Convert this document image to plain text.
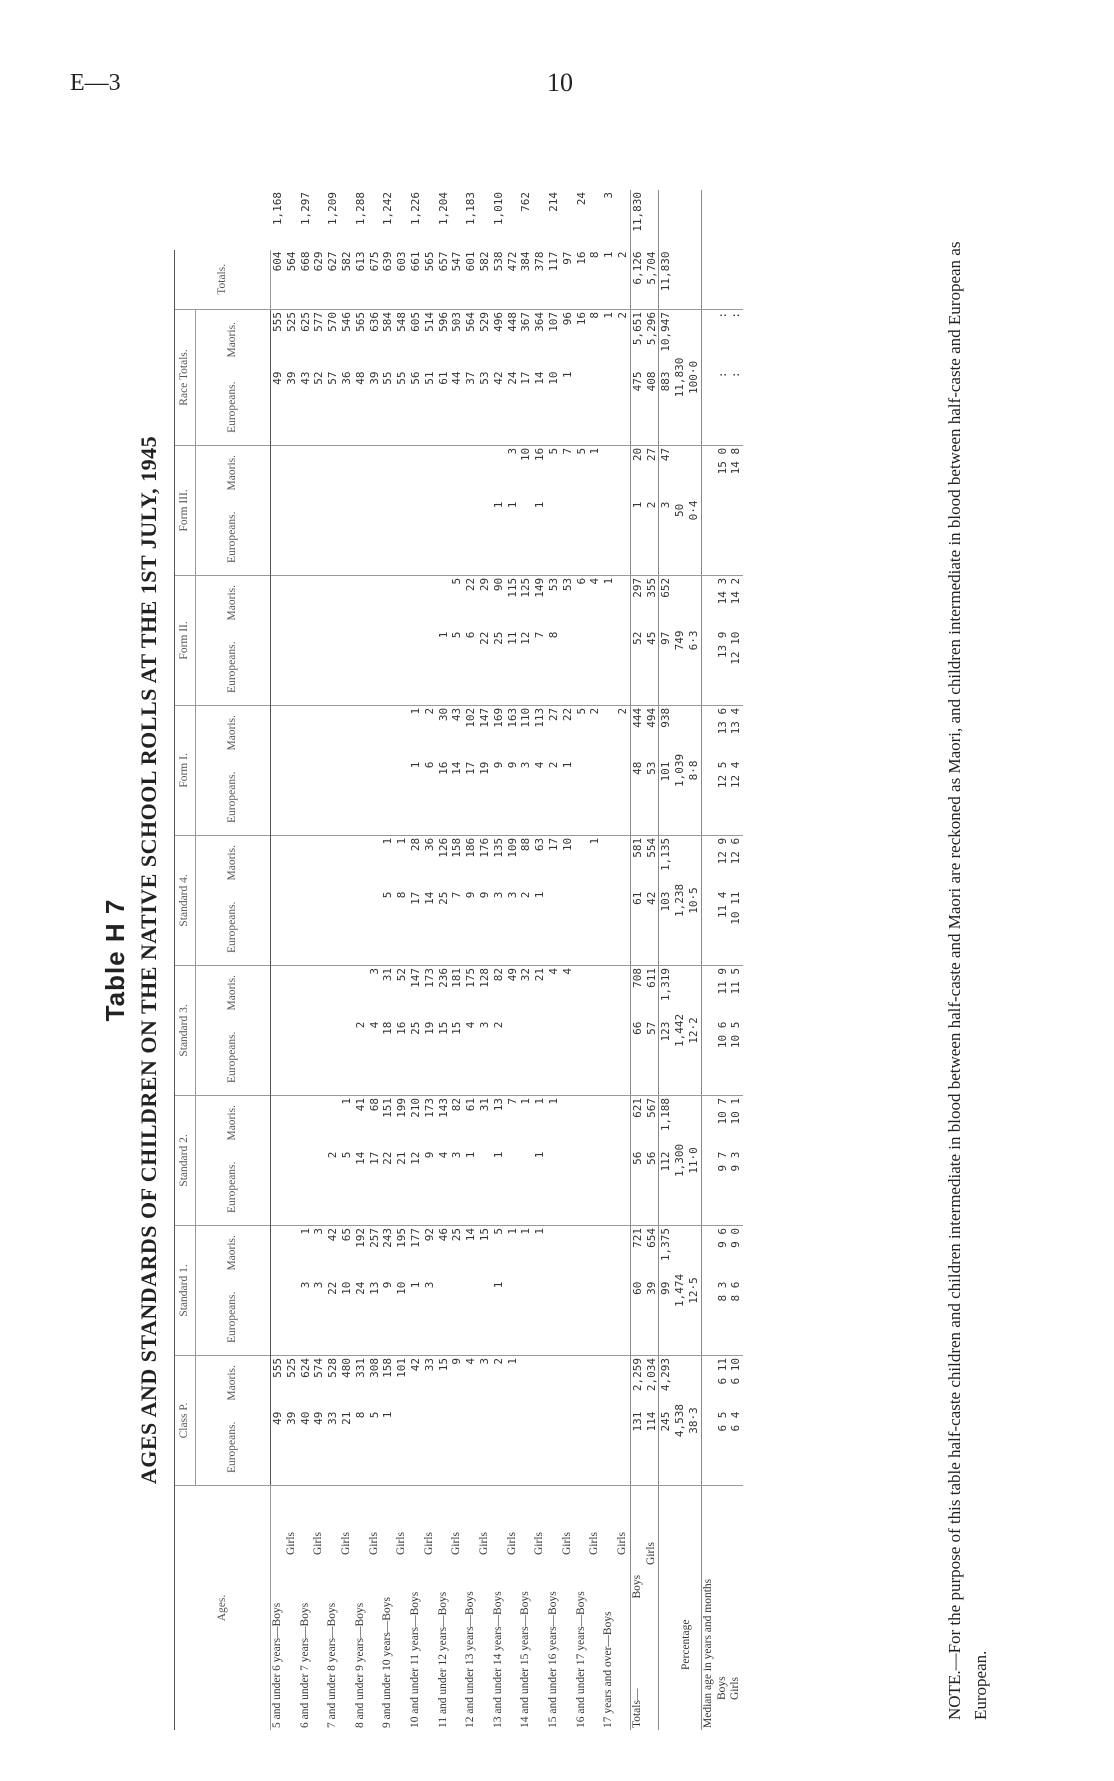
E—3	10
Table H 7 AGES AND STANDARDS OF CHILDREN ON THE NATIVE SCHOOL ROLLS AT THE 1ST JULY, 1945
Ages.	Class P.		Standard 1.		Standard 2.		Standard 3.		Standard 4.		Form I.		Form II.		Form III.		Race Totals.		Totals.	
	Europeans.	Maoris.	Europeans.	Maoris.	Europeans.	Maoris.	Europeans.	Maoris.	Europeans.	Maoris.	Europeans.	Maoris.	Europeans.	Maoris.	Europeans.	Maoris.	Europeans.	Maoris.		
5 and under 6 years—Boys	49	555															49	555	604	1,168
Girls	39	525															39	525	564	
6 and under 7 years—Boys	40	624	3	1													43	625	668	1,297
Girls	49	574	3	3													52	577	629	
7 and under 8 years—Boys	33	528	22	42	2												57	570	627	1,209
Girls	21	480	10	65	5	1											36	546	582	
8 and under 9 years—Boys	8	331	24	192	14	41	2										48	565	613	1,288
Girls	5	308	13	257	17	68	4	3									39	636	675	
9 and under 10 years—Boys	1	158	9	243	22	151	18	31	5	1							55	584	639	1,242
Girls		101	10	195	21	199	16	52	8	1							55	548	603	
10 and under 11 years—Boys		42	1	177	12	210	25	147	17	28	1	1					56	605	661	1,226
Girls		33	3	92	9	173	19	173	14	36	6	2					51	514	565	
11 and under 12 years—Boys		15		46	4	143	15	236	25	126	16	30	1				61	596	657	1,204
Girls		9		25	3	82	15	181	7	158	14	43	5	5			44	503	547	
12 and under 13 years—Boys		4		14	1	61	4	175	9	186	17	102	6	22			37	564	601	1,183
Girls		3		15		31	3	128	9	176	19	147	22	29			53	529	582	
13 and under 14 years—Boys		2	1	5	1	13	2	82	3	135	9	169	25	90	1		42	496	538	1,010
Girls		1		1		7		49	3	109	9	163	11	115	1	3	24	448	472	
14 and under 15 years—Boys				1		1		32	2	88	3	110	12	125		10	17	367	384	762
Girls				1	1	1		21	1	63	4	113	7	149	1	16	14	364	378	
15 and under 16 years—Boys						1		4		17	2	27	8	53		5	10	107	117	214
Girls								4		10	1	22		53		7	1	96	97	
16 and under 17 years—Boys												5		6		5		16	16	24
Girls										1		2		4		1		8	8	
17 years and over—Boys														1				1	1	3
Girls												2						2	2	
Totals—Boys	131	2,259	60	721	56	621	66	708	61	581	48	444	52	297	1	20	475	5,651	6,126	11,830
Girls	114	2,034	39	654	56	567	57	611	42	554	53	494	45	355	2	27	408	5,296	5,704	
	245	4,293	99	1,375	112	1,188	123	1,319	103	1,135	101	938	97	652	3	47	883	10,947	11,830	
Percentage	4,538		1,474		1,300		1,442		1,238		1,039		749		50		11,830			
	38·3		12·5		11·0		12·2		10·5		8·8		6·3		0·4		100·0			
Median age in years and months																				
Boys	6 5	6 11	8 3	9 6	9 7	10 7	10 6	11 9	11 4	12 9	12 5	13 6	13 9	14 3		15 0	:	:		
Girls	6 4	6 10	8 6	9 0	9 3	10 1	10 5	11 5	10 11	12 6	12 4	13 4	12 10	14 2		14 8	:	:			NOTE.—For the purpose of this table half-caste children and children intermediate in blood between half-caste and Maori are reckoned as Maori, and children intermediate in blood between half-caste and European as European.
